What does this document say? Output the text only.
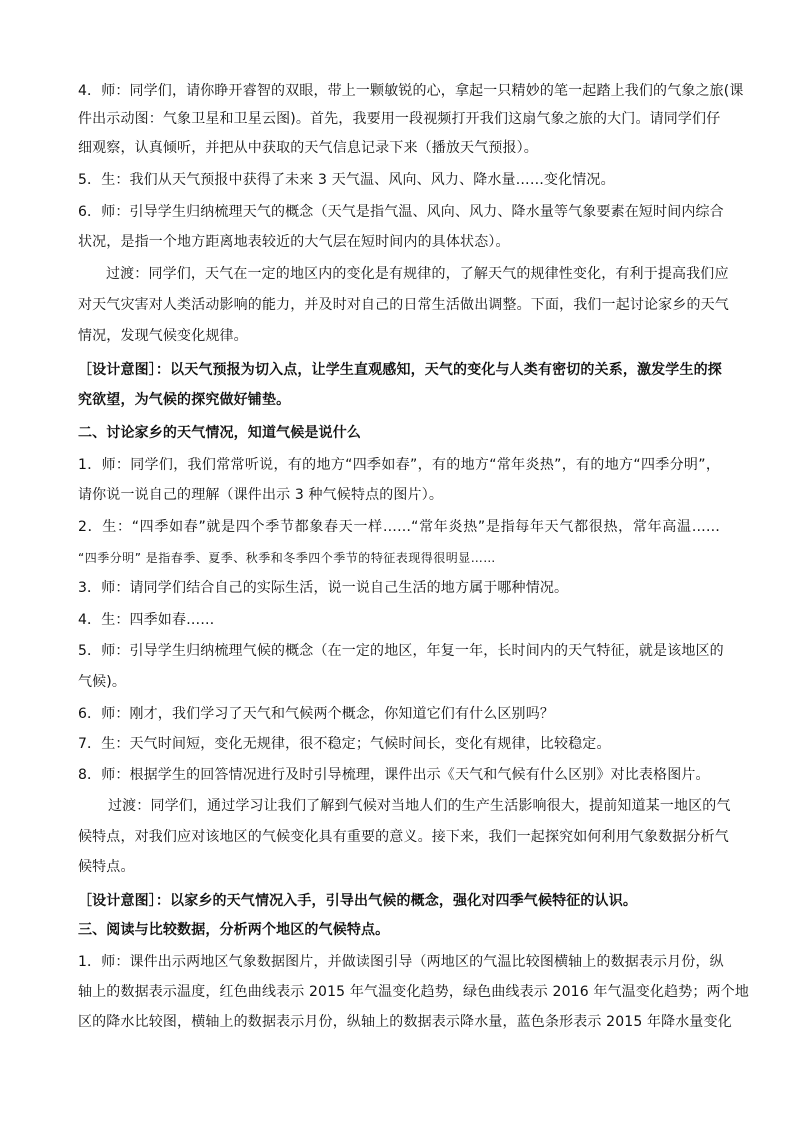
4．师：同学们，请你睁开睿智的双眼，带上一颗敏锐的心，拿起一只精妙的笔一起踏上我们的气象之旅(课
件出示动图：气象卫星和卫星云图)。首先，我要用一段视频打开我们这扇气象之旅的大门。请同学们仔
细观察，认真倾听，并把从中获取的天气信息记录下来（播放天气预报）。
5．生：我们从天气预报中获得了未来 3 天气温、风向、风力、降水量……变化情况。
6．师：引导学生归纳梳理天气的概念（天气是指气温、风向、风力、降水量等气象要素在短时间内综合
状况，是指一个地方距离地表较近的大气层在短时间内的具体状态）。
过渡：同学们，天气在一定的地区内的变化是有规律的，了解天气的规律性变化，有利于提高我们应
对天气灾害对人类活动影响的能力，并及时对自己的日常生活做出调整。下面，我们一起讨论家乡的天气
情况，发现气候变化规律。
［设计意图］：以天气预报为切入点，让学生直观感知，天气的变化与人类有密切的关系，激发学生的探
究欲望，为气候的探究做好铺垫。
二、讨论家乡的天气情况，知道气候是说什么
1．师：同学们，我们常常听说，有的地方“四季如春”，有的地方“常年炎热”，有的地方“四季分明”，
请你说一说自己的理解（课件出示 3 种气候特点的图片）。
2．生：“四季如春”就是四个季节都象春天一样……“常年炎热”是指每年天气都很热，常年高温……
“四季分明” 是指春季、夏季、秋季和冬季四个季节的特征表现得很明显……
3．师：请同学们结合自己的实际生活，说一说自己生活的地方属于哪种情况。
4．生：四季如春……
5．师：引导学生归纳梳理气候的概念（在一定的地区，年复一年，长时间内的天气特征，就是该地区的
气候)。
6．师：刚才，我们学习了天气和气候两个概念，你知道它们有什么区别吗？
7．生：天气时间短，变化无规律，很不稳定；气候时间长，变化有规律，比较稳定。
8．师：根据学生的回答情况进行及时引导梳理，课件出示《天气和气候有什么区别》对比表格图片。
过渡：同学们，通过学习让我们了解到气候对当地人们的生产生活影响很大，提前知道某一地区的气
候特点，对我们应对该地区的气候变化具有重要的意义。接下来，我们一起探究如何利用气象数据分析气
候特点。
［设计意图］：以家乡的天气情况入手，引导出气候的概念，强化对四季气候特征的认识。
三、阅读与比较数据，分析两个地区的气候特点。
1．师：课件出示两地区气象数据图片，并做读图引导（两地区的气温比较图横轴上的数据表示月份，纵
轴上的数据表示温度，红色曲线表示 2015 年气温变化趋势，绿色曲线表示 2016 年气温变化趋势；两个地
区的降水比较图，横轴上的数据表示月份，纵轴上的数据表示降水量，蓝色条形表示 2015 年降水量变化
